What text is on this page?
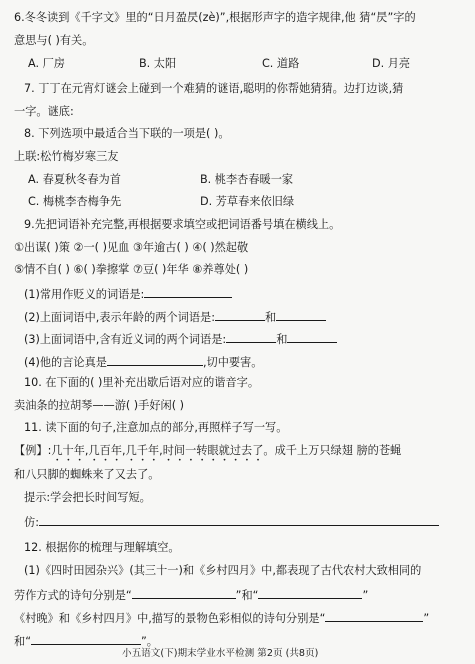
6.冬冬读到《千字文》里的“日月盈昃(zè)”,根据形声字的造字规律,他 猜“昃”字的
意思与( )有关。
A. 厂房	B. 太阳	C. 道路	D. 月亮
7. 丁丁在元宵灯谜会上碰到一个难猜的谜语,聪明的你帮她猜猜。边打边谈,猜
一字。谜底:
8. 下列选项中最适合当下联的一项是( )。
上联:松竹梅岁寒三友
A. 春夏秋冬春为首	B. 桃李杏春暖一家
C. 梅桃李杏梅争先	D. 芳草春来依旧绿
9.先把词语补充完整,再根据要求填空或把词语番号填在横线上。
①出谋( )策 ②一( )见血 ③年逾古( ) ④( )然起敬
⑤情不自( ) ⑥( )拳擦掌 ⑦豆( )年华 ⑧养尊处( )
(1)常用作贬义的词语是:
(2)上面词语中,表示年龄的两个词语是:	和
(3)上面词语中,含有近义词的两个词语是:	和
(4)他的言论真是	,切中要害。
10. 在下面的( )里补充出歇后语对应的谐音字。
卖油条的拉胡琴——游( )手好闲( )
11. 读下面的句子,注意加点的部分,再照样子写一写。
【例】:几十年,几百年,几千年,时间一转眼就过去了。成千上万只绿翅 膀的苍蝇
和八只脚的蜘蛛来了又去了。
提示:学会把长时间写短。
仿:
12. 根据你的梳理与理解填空。
(1)《四时田园杂兴》(其三十一)和《乡村四月》中,都表现了古代农村大致相同的
劳作方式的诗句分别是“	”和“	”
《村晚》和《乡村四月》中,描写的景物色彩相似的诗句分别是“	”
和“	”。
小五语文(下)期末学业水平检测 第2页 (共8页)
